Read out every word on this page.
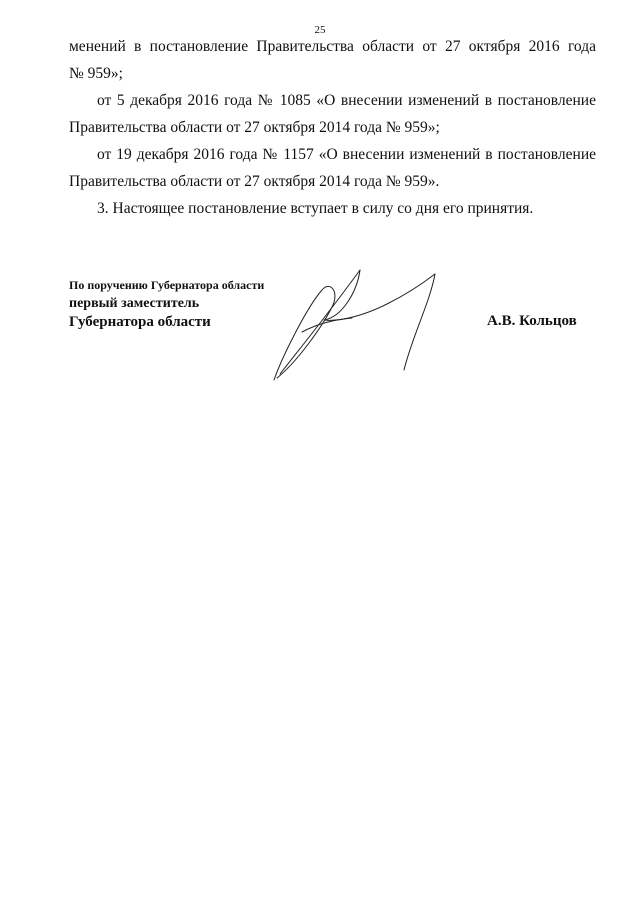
25

менений в постановление Правительства области от 27 октября 2016 года

№ 959»;

от 5 декабря 2016 года № 1085 «О внесении изменений в постановление

Правительства области от 27 октября 2014 года № 959»;

от 19 декабря 2016 года № 1157 «О внесении изменений в постановление

Правительства области от 27 октября 2014 года № 959».

3. Настоящее постановление вступает в силу со дня его принятия.

По поручению Губернатора области
первый заместитель
Губернатора области	А.В. Кольцов
